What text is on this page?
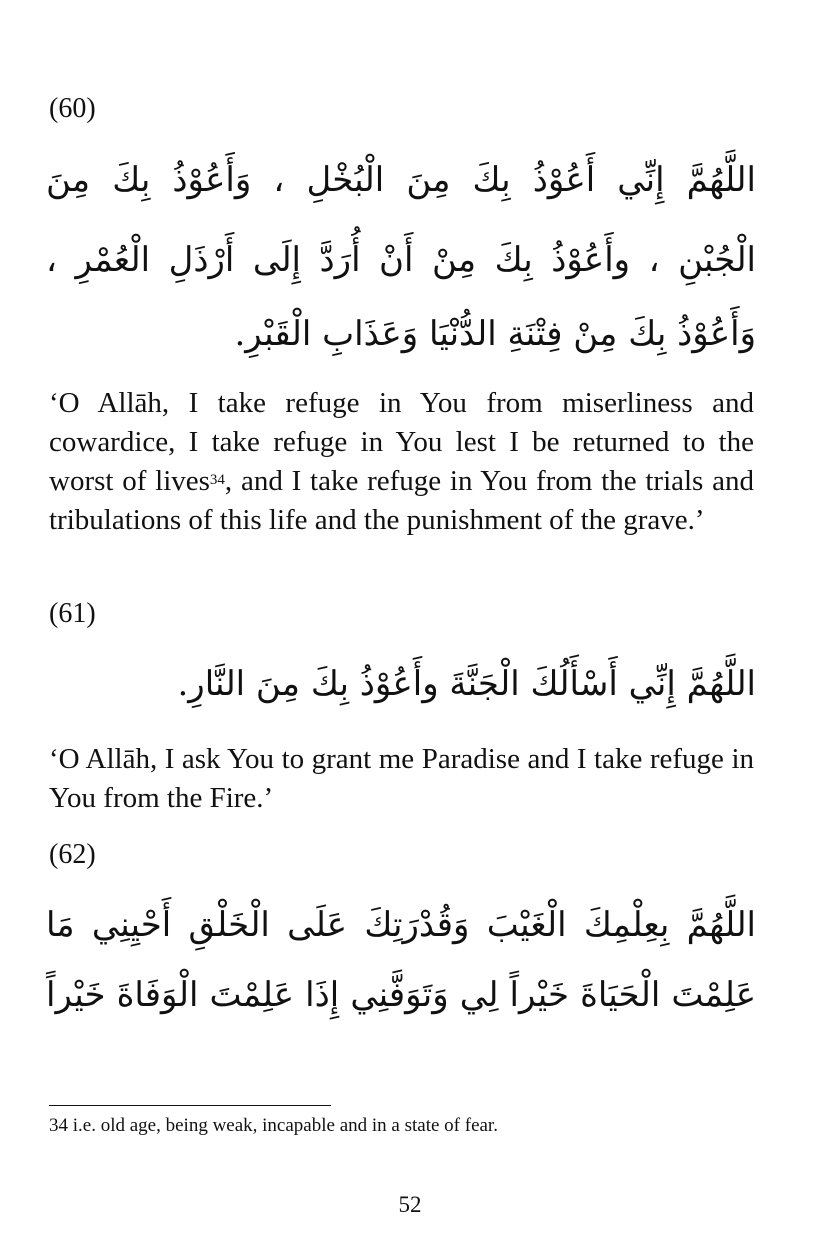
(60)

اللَّهُمَّ إِنِّي أَعُوْذُ بِكَ مِنَ الْبُخْلِ ، وَأَعُوْذُ بِكَ مِنَ

الْجُبْنِ ، وأَعُوْذُ بِكَ مِنْ أَنْ أُرَدَّ إِلَى أَرْذَلِ الْعُمْرِ ،

وَأَعُوْذُ بِكَ مِنْ فِتْنَةِ الدُّنْيَا وَعَذَابِ الْقَبْرِ.

‘O Allāh, I take refuge in You from miserliness and cowardice, I take refuge in You lest I be returned to the worst of lives$^{34}$, and I take refuge in You from the trials and tribulations of this life and the punishment of the grave.’

(61)

اللَّهُمَّ إِنِّي أَسْأَلُكَ الْجَنَّةَ وأَعُوْذُ بِكَ مِنَ النَّارِ.

‘O Allāh, I ask You to grant me Paradise and I take refuge in You from the Fire.’

(62)

اللَّهُمَّ بِعِلْمِكَ الْغَيْبَ وَقُدْرَتِكَ عَلَى الْخَلْقِ أَحْيِنِي مَا

عَلِمْتَ الْحَيَاةَ خَيْراً لِي وَتَوَفَّنِي إِذَا عَلِمْتَ الْوَفَاةَ خَيْراً

34 i.e. old age, being weak, incapable and in a state of fear.

52
